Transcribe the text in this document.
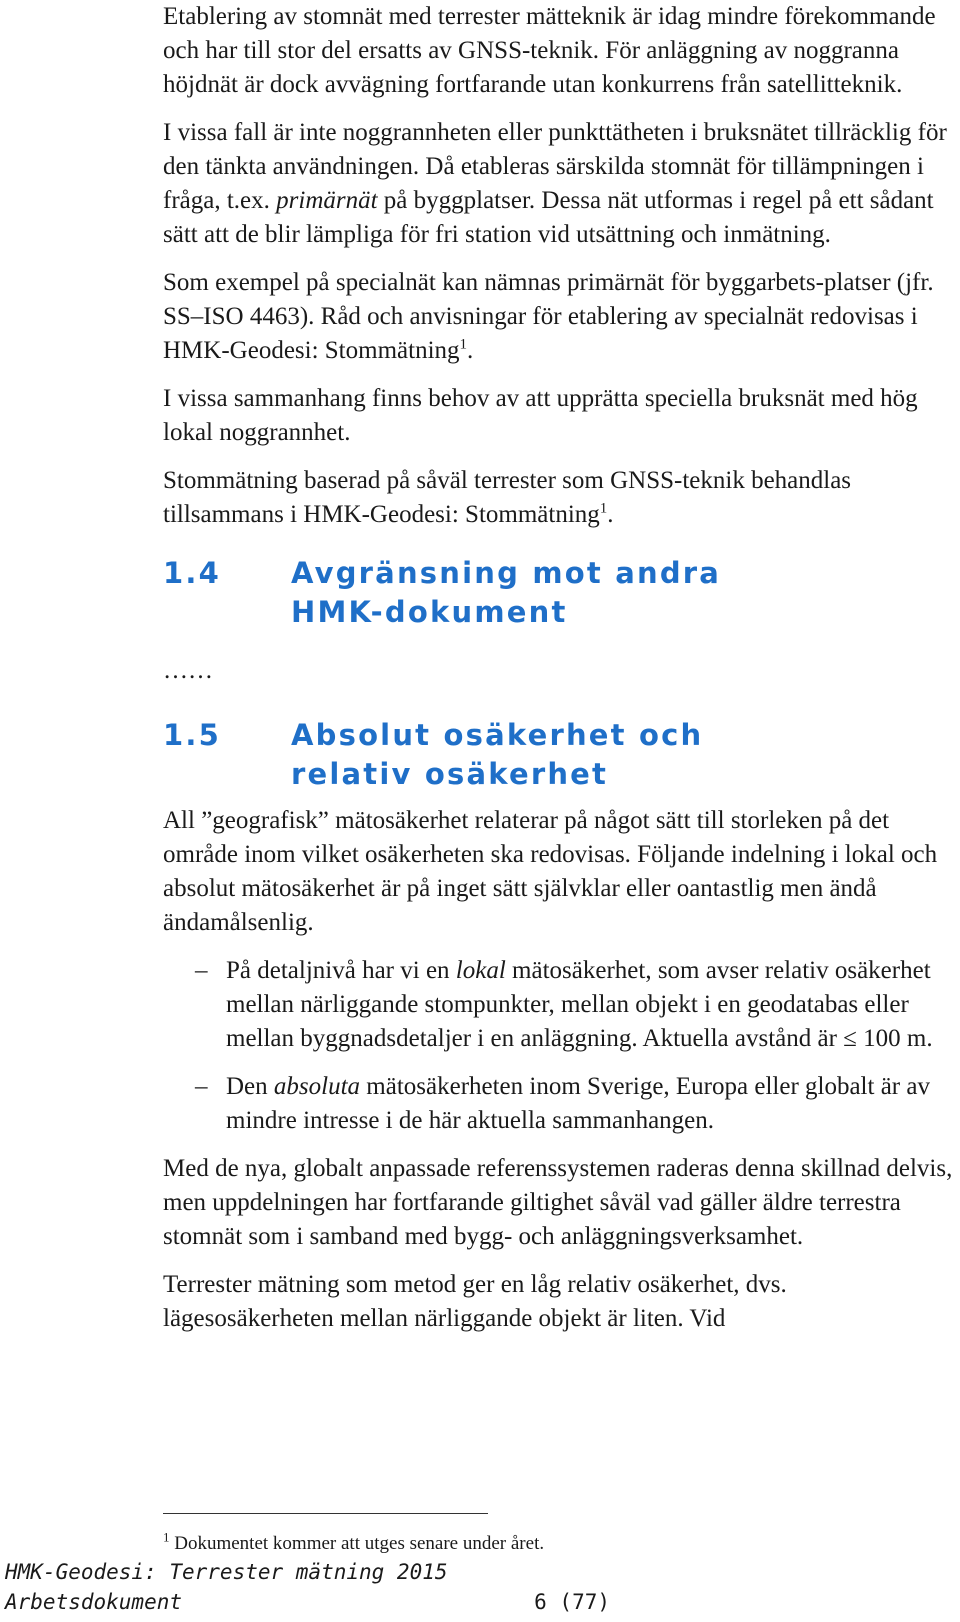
Etablering av stomnät med terrester mätteknik är idag mindre förekommande och har till stor del ersatts av GNSS-teknik. För anläggning av noggranna höjdnät är dock avvägning fortfarande utan konkurrens från satellitteknik.

I vissa fall är inte noggrannheten eller punkttätheten i bruksnätet tillräcklig för den tänkta användningen. Då etableras särskilda stomnät för tillämpningen i fråga, t.ex. primärnät på byggplatser. Dessa nät utformas i regel på ett sådant sätt att de blir lämpliga för fri station vid utsättning och inmätning.

Som exempel på specialnät kan nämnas primärnät för byggarbets-platser (jfr. SS–ISO 4463). Råd och anvisningar för etablering av specialnät redovisas i HMK-Geodesi: Stommätning$^1$.

I vissa sammanhang finns behov av att upprätta speciella bruksnät med hög lokal noggrannhet.

Stommätning baserad på såväl terrester som GNSS-teknik behandlas tillsammans i HMK-Geodesi: Stommätning$^1$.

1.4	Avgränsning mot andra HMK-dokument
……
1.5	Absolut osäkerhet och relativ osäkerhet

All ”geografisk” mätosäkerhet relaterar på något sätt till storleken på det område inom vilket osäkerheten ska redovisas. Följande indelning i lokal och absolut mätosäkerhet är på inget sätt självklar eller oantastlig men ändå ändamålsenlig.

– På detaljnivå har vi en lokal mätosäkerhet, som avser relativ osäkerhet mellan närliggande stompunkter, mellan objekt i en geodatabas eller mellan byggnadsdetaljer i en anläggning. Aktuella avstånd är ≤ 100 m.
– Den absoluta mätosäkerheten inom Sverige, Europa eller globalt är av mindre intresse i de här aktuella sammanhangen.

Med de nya, globalt anpassade referenssystemen raderas denna skillnad delvis, men uppdelningen har fortfarande giltighet såväl vad gäller äldre terrestra stomnät som i samband med bygg- och anläggningsverksamhet.

Terrester mätning som metod ger en låg relativ osäkerhet, dvs. lägesosäkerheten mellan närliggande objekt är liten. Vid

$^1$ Dokumentet kommer att utges senare under året.
HMK-Geodesi: Terrester mätning 2015
Arbetsdokument	6 (77)
